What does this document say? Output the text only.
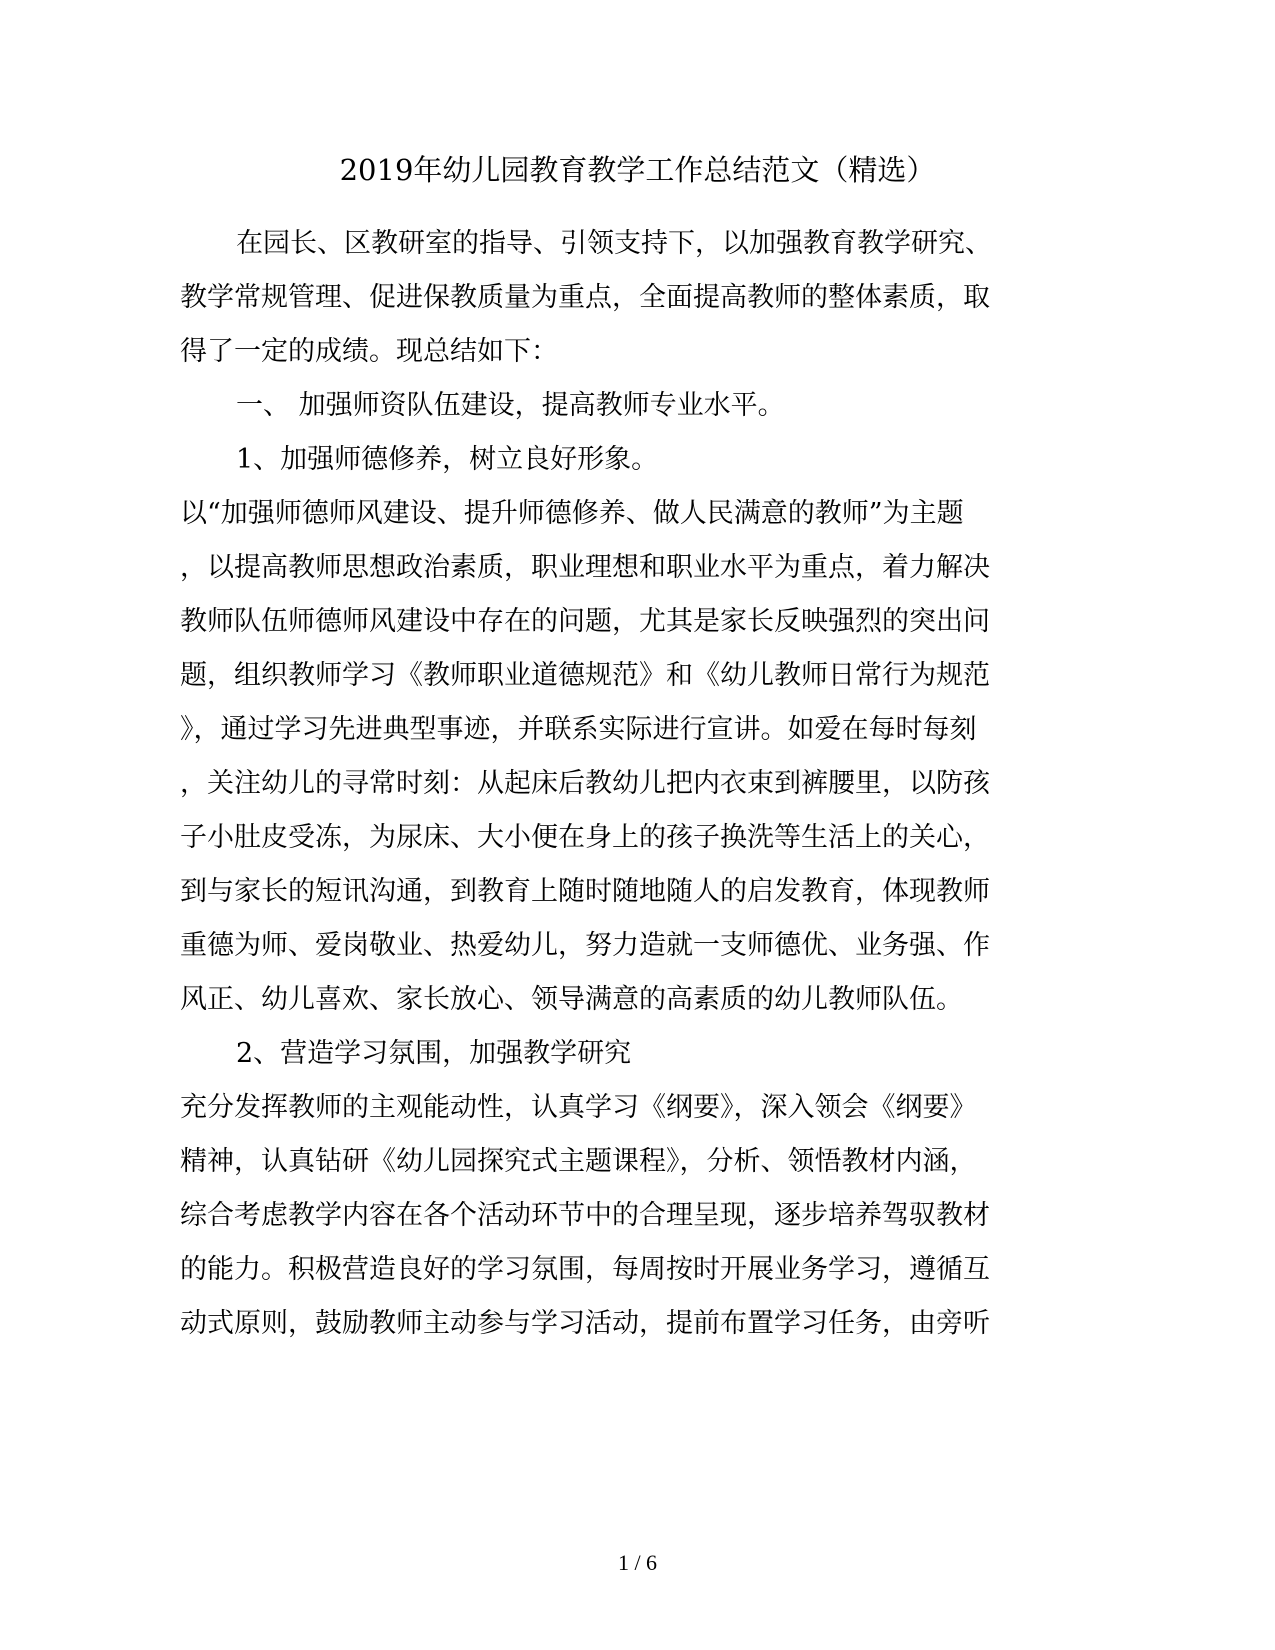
2019年幼儿园教育教学工作总结范文（精选）
在园长、区教研室的指导、引领支持下，以加强教育教学研究、
教学常规管理、促进保教质量为重点，全面提高教师的整体素质，取
得了一定的成绩。现总结如下：
一、 加强师资队伍建设，提高教师专业水平。
1、加强师德修养，树立良好形象。
以“加强师德师风建设、提升师德修养、做人民满意的教师”为主题
，以提高教师思想政治素质，职业理想和职业水平为重点，着力解决
教师队伍师德师风建设中存在的问题，尤其是家长反映强烈的突出问
题，组织教师学习《教师职业道德规范》和《幼儿教师日常行为规范
》，通过学习先进典型事迹，并联系实际进行宣讲。如爱在每时每刻
，关注幼儿的寻常时刻：从起床后教幼儿把内衣束到裤腰里，以防孩
子小肚皮受冻，为尿床、大小便在身上的孩子换洗等生活上的关心，
到与家长的短讯沟通，到教育上随时随地随人的启发教育，体现教师
重德为师、爱岗敬业、热爱幼儿，努力造就一支师德优、业务强、作
风正、幼儿喜欢、家长放心、领导满意的高素质的幼儿教师队伍。
2、营造学习氛围，加强教学研究
充分发挥教师的主观能动性，认真学习《纲要》，深入领会《纲要》
精神，认真钻研《幼儿园探究式主题课程》，分析、领悟教材内涵，
综合考虑教学内容在各个活动环节中的合理呈现，逐步培养驾驭教材
的能力。积极营造良好的学习氛围，每周按时开展业务学习，遵循互
动式原则，鼓励教师主动参与学习活动，提前布置学习任务，由旁听
1 / 6
